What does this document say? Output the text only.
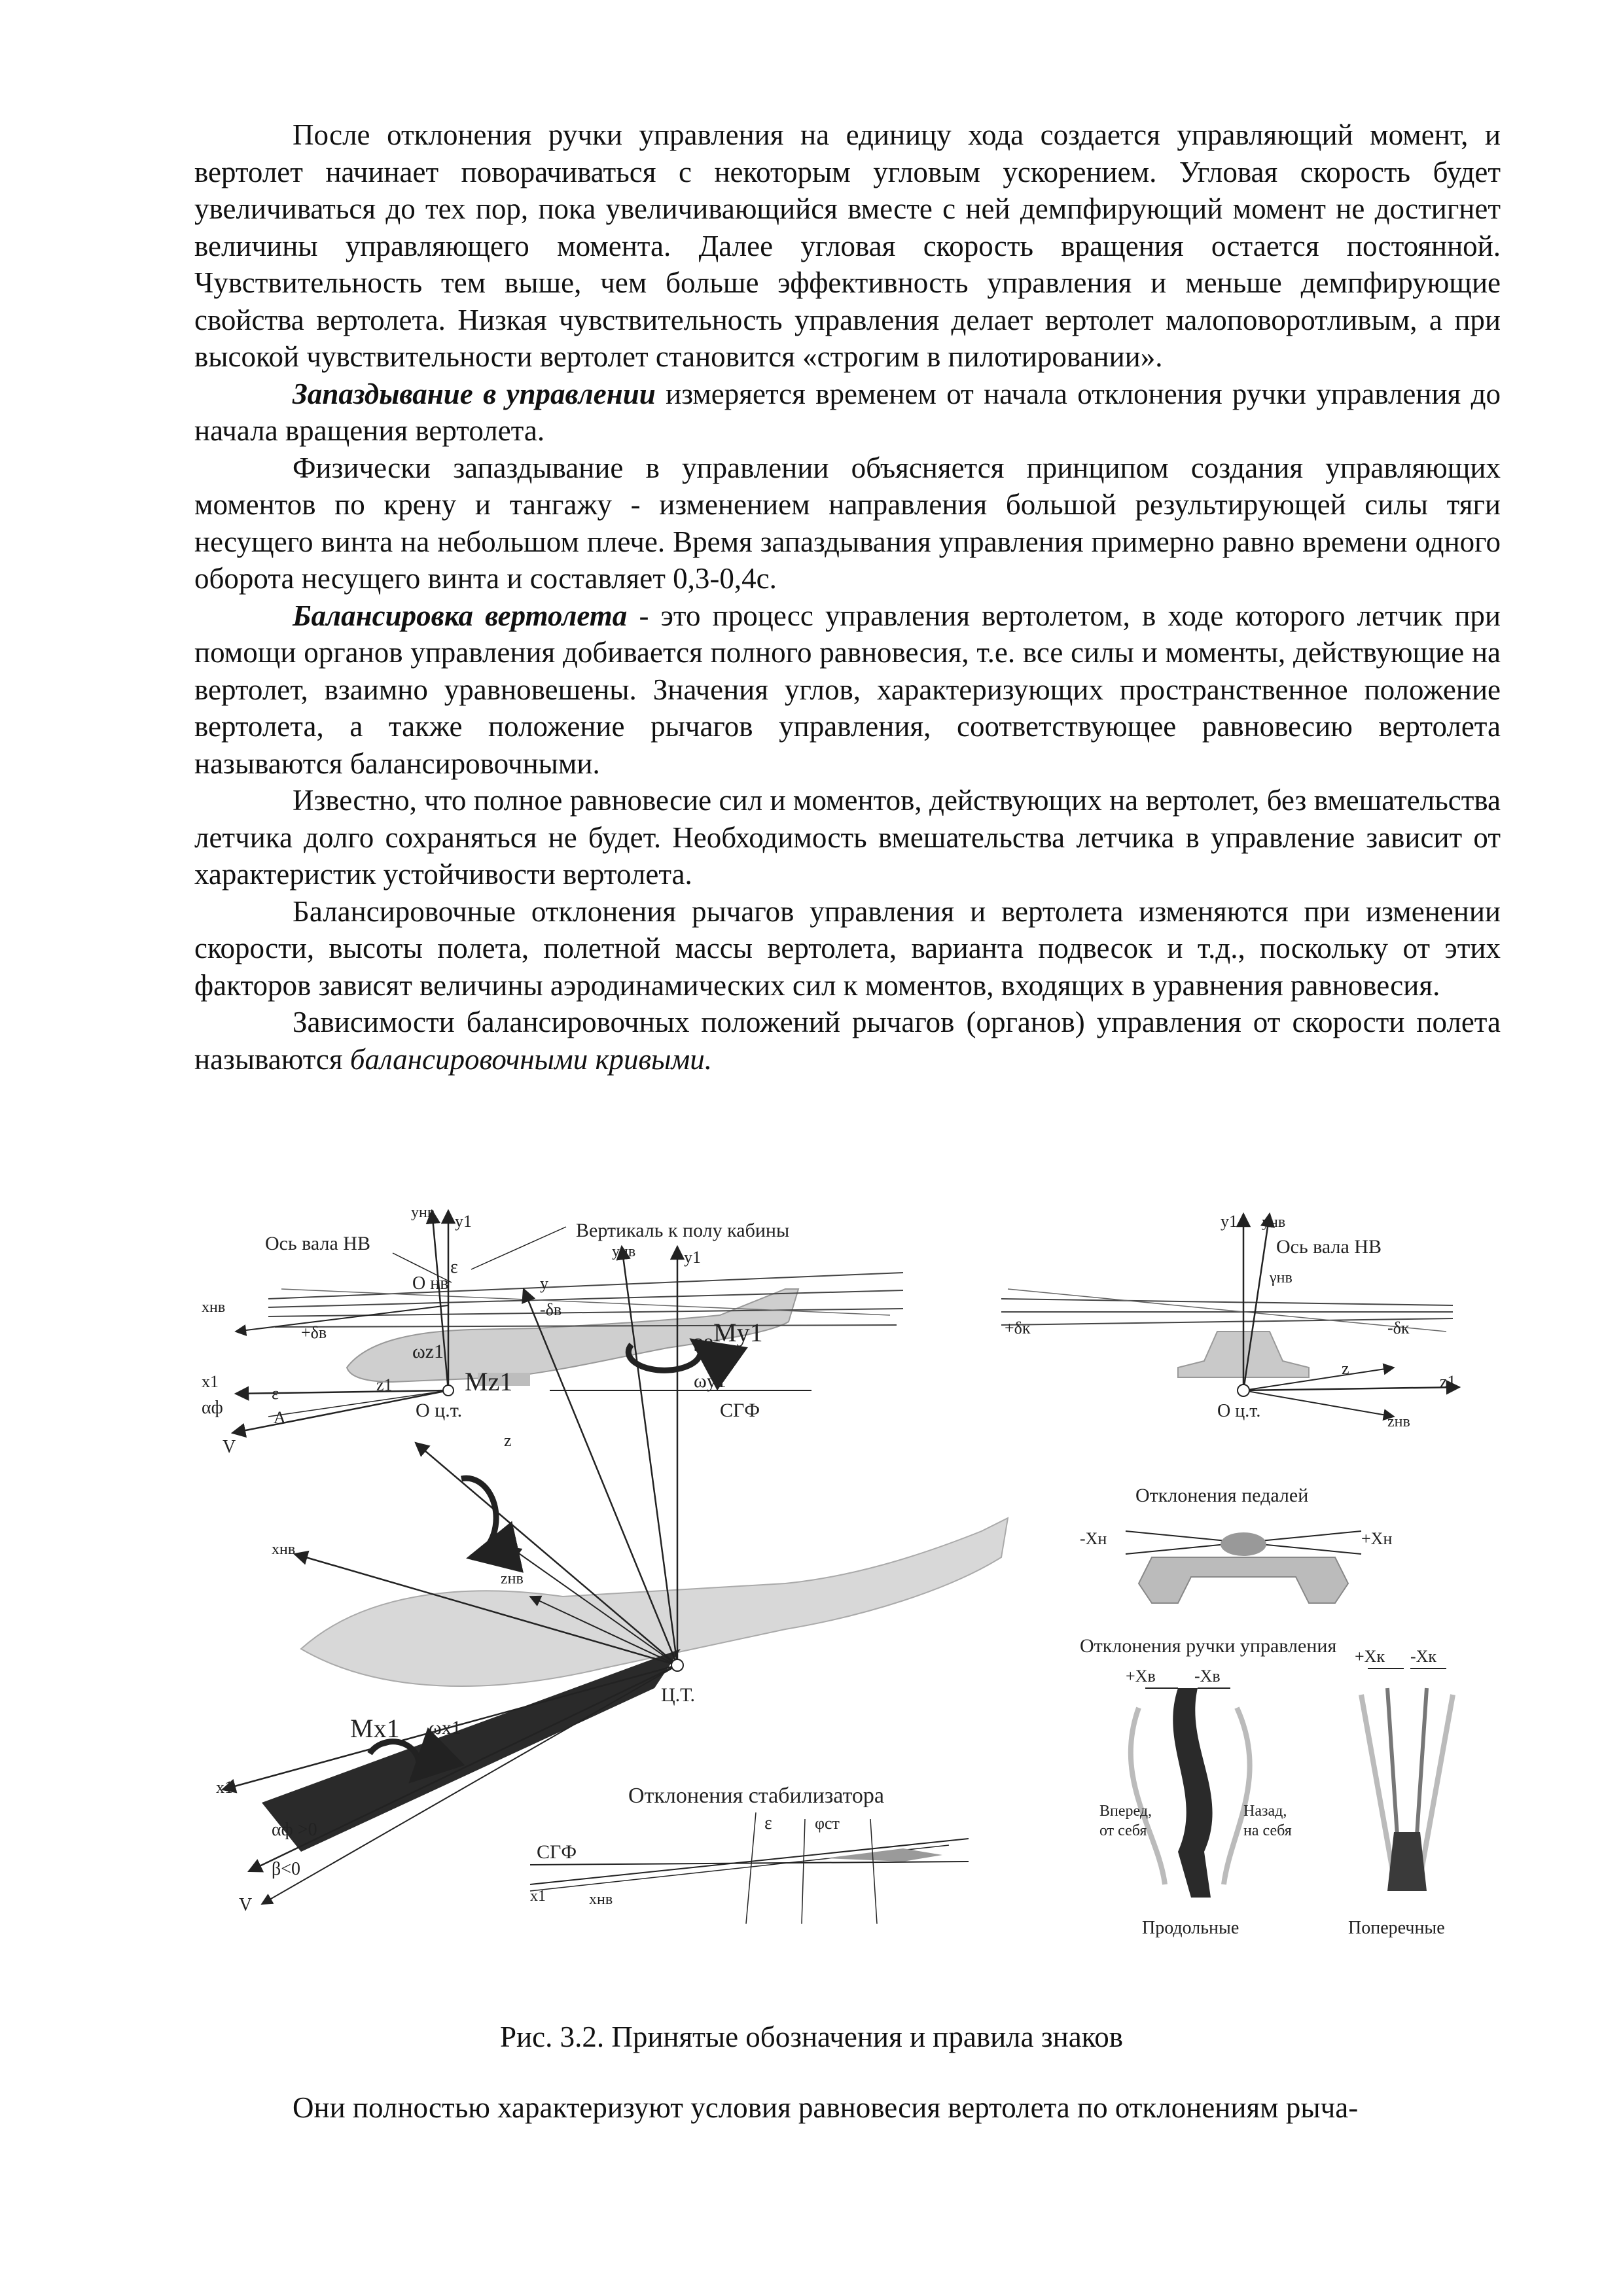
После отклонения ручки управления на единицу хода создается управляющий момент, и вертолет начинает поворачиваться с некоторым угловым ускорением. Угловая скорость будет увеличиваться до тех пор, пока увеличивающийся вместе с ней демпфирующий момент не достигнет величины управляющего момента. Далее угловая скорость вращения остается постоянной. Чувствительность тем выше, чем больше эффективность управления и меньше демпфирующие свойства вертолета. Низкая чувствительность управления делает вертолет малоповоротливым, а при высокой чувствительности вертолет становится «строгим в пилотировании».

Запаздывание в управлении измеряется временем от начала отклонения ручки управления до начала вращения вертолета.

Физически запаздывание в управлении объясняется принципом создания управляющих моментов по крену и тангажу - изменением направления большой результирующей силы тяги несущего винта на небольшом плече. Время запаздывания управления примерно равно времени одного оборота несущего винта и составляет 0,3-0,4с.

Балансировка вертолета - это процесс управления вертолетом, в ходе которого летчик при помощи органов управления добивается полного равновесия, т.е. все силы и моменты, действующие на вертолет, взаимно уравновешены. Значения углов, характеризующих пространственное положение вертолета, а также положение рычагов управления, соответствующее равновесию вертолета называются балансировочными.

Известно, что полное равновесие сил и моментов, действующих на вертолет, без вмешательства летчика долго сохраняться не будет. Необходимость вмешательства летчика в управление зависит от характеристик устойчивости вертолета.

Балансировочные отклонения рычагов управления и вертолета изменяются при изменении скорости, высоты полета, полетной массы вертолета, варианта подвесок и т.д., поскольку от этих факторов зависят величины аэродинамических сил к моментов, входящих в уравнения равновесия.

Зависимости балансировочных положений рычагов (органов) управления от скорости полета называются балансировочными кривыми.

38
yнв y1
Ось вала НВ
Вертикаль к полу кабины
О нв
ε
xнв	-δв
+δв
x1
αф	A
ε
О ц.т.	СГФ
V
y1 yнв
Ось вала НВ
γнв
+δк	-δк
z
z1
zнв
О ц.т.
yнв	y1
y
My1
ωz1
Mz1
z1	ωy1
z
xнв
zнв
Mx1 ωx1
Ц.Т.
x1
αф >0
β<0
V
Отклонения стабилизатора
СГФ
ε	φст
x1	xнв
Отклонения педалей
-Xн	+Xн
Отклонения ручки управления
+Xв -Xв
Вперед,
от себя
Назад,
на себя
Продольные
+Xк -Xк
Поперечные
Рис. 3.2. Принятые обозначения и правила знаков
Они полностью характеризуют условия равновесия вертолета по отклонениям рыча-
